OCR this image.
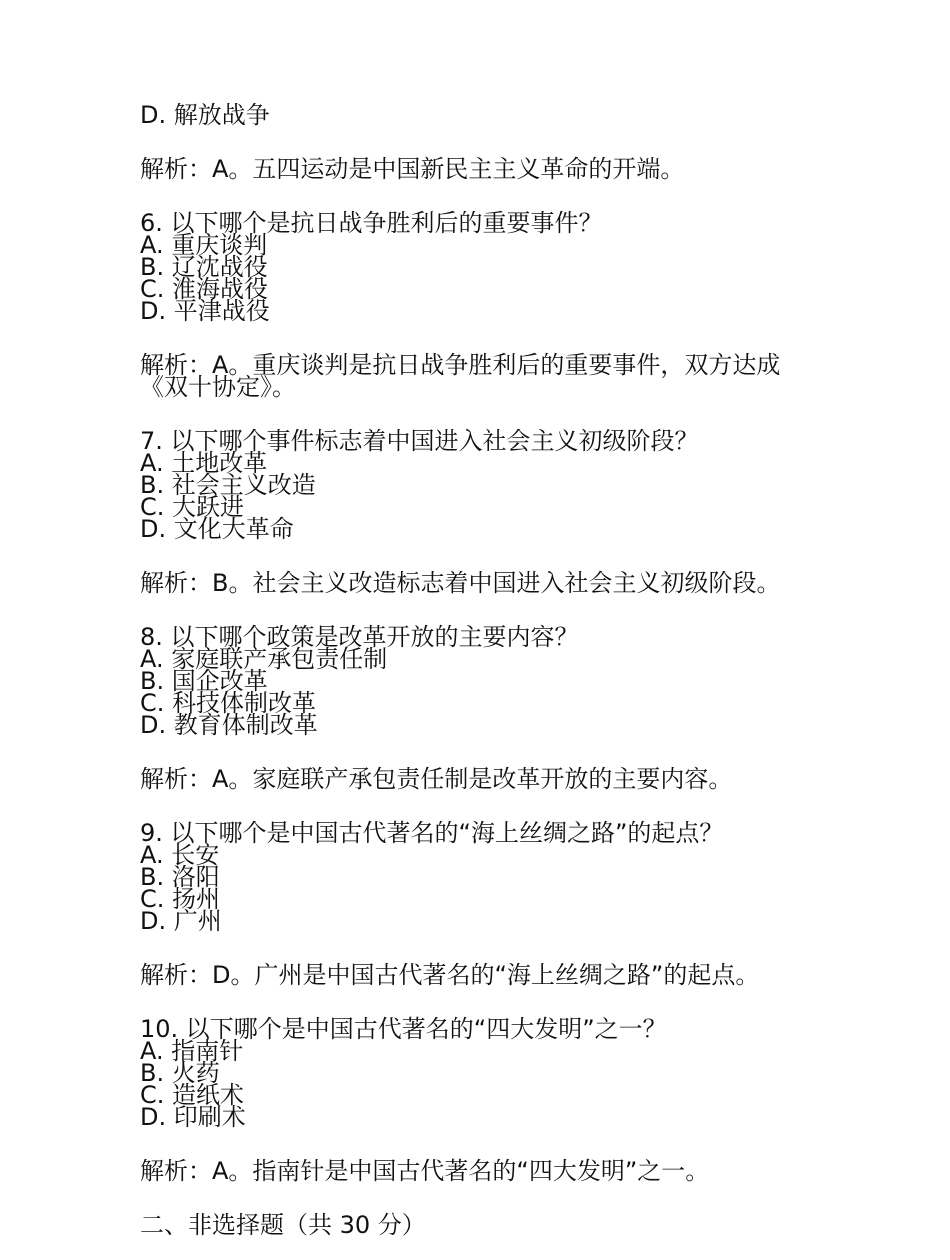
D. 解放战争

解析：A。五四运动是中国新民主主义革命的开端。

6. 以下哪个是抗日战争胜利后的重要事件？

A. 重庆谈判

B. 辽沈战役

C. 淮海战役

D. 平津战役

解析：A。重庆谈判是抗日战争胜利后的重要事件，双方达成

《双十协定》。

7. 以下哪个事件标志着中国进入社会主义初级阶段？

A. 土地改革

B. 社会主义改造

C. 大跃进

D. 文化大革命

解析：B。社会主义改造标志着中国进入社会主义初级阶段。

8. 以下哪个政策是改革开放的主要内容？

A. 家庭联产承包责任制

B. 国企改革

C. 科技体制改革

D. 教育体制改革

解析：A。家庭联产承包责任制是改革开放的主要内容。

9. 以下哪个是中国古代著名的“海上丝绸之路”的起点？

A. 长安

B. 洛阳

C. 扬州

D. 广州

解析：D。广州是中国古代著名的“海上丝绸之路”的起点。

10. 以下哪个是中国古代著名的“四大发明”之一？

A. 指南针

B. 火药

C. 造纸术

D. 印刷术

解析：A。指南针是中国古代著名的“四大发明”之一。

二、非选择题（共 30 分）
